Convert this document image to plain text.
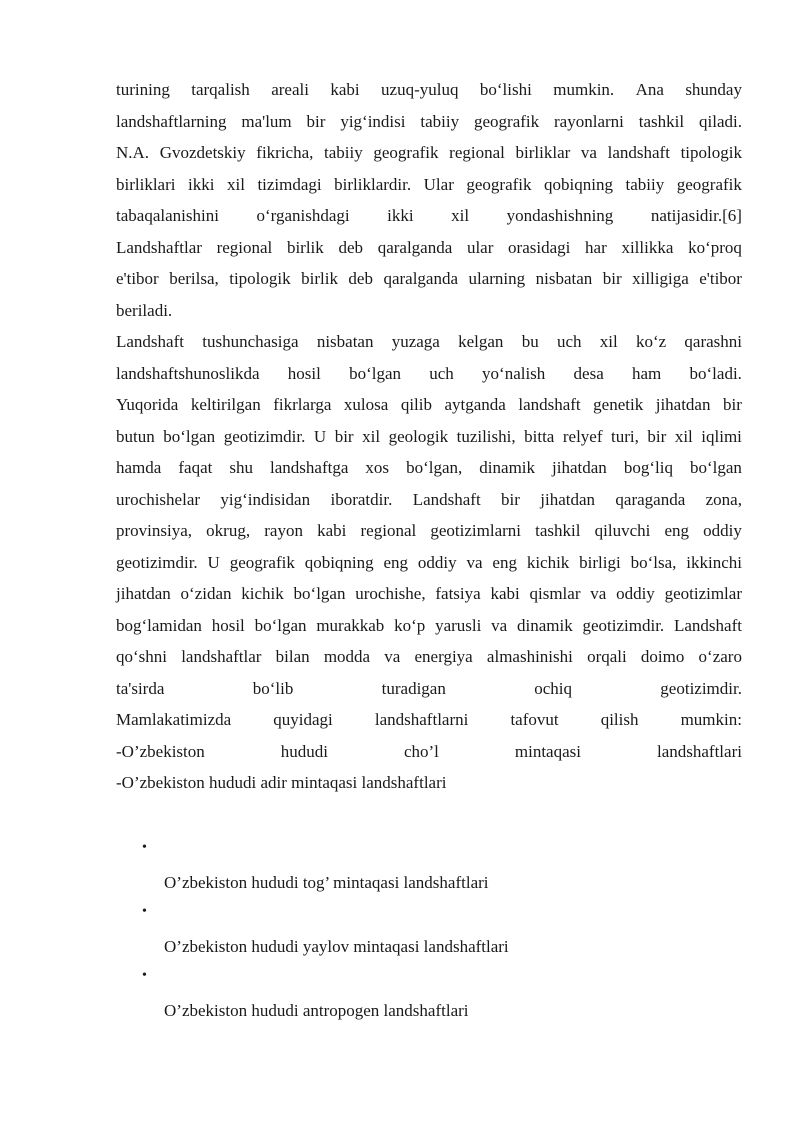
turining tarqalish areali kabi uzuq-yuluq bo‘lishi mumkin. Ana shunday
landshaftlarning ma'lum bir yig‘indisi tabiiy geografik rayonlarni tashkil qiladi.
N.A. Gvozdetskiy fikricha, tabiiy geografik regional birliklar va landshaft tipologik
birliklari ikki xil tizimdagi birliklardir. Ular geografik qobiqning tabiiy geografik
tabaqalanishini o‘rganishdagi ikki xil yondashishning natijasidir.[6]
Landshaftlar regional birlik deb qaralganda ular orasidagi har xillikka ko‘proq
e'tibor berilsa, tipologik birlik deb qaralganda ularning nisbatan bir xilligiga e'tibor
beriladi.
Landshaft tushunchasiga nisbatan yuzaga kelgan bu uch xil ko‘z qarashni
landshaftshunoslikda hosil bo‘lgan uch yo‘nalish desa ham bo‘ladi.
Yuqorida keltirilgan fikrlarga xulosa qilib aytganda landshaft genetik jihatdan bir
butun bo‘lgan geotizimdir. U bir xil geologik tuzilishi, bitta relyef turi, bir xil iqlimi
hamda faqat shu landshaftga xos bo‘lgan, dinamik jihatdan bog‘liq bo‘lgan
urochishelar yig‘indisidan iboratdir. Landshaft bir jihatdan qaraganda zona,
provinsiya, okrug, rayon kabi regional geotizimlarni tashkil qiluvchi eng oddiy
geotizimdir. U geografik qobiqning eng oddiy va eng kichik birligi bo‘lsa, ikkinchi
jihatdan o‘zidan kichik bo‘lgan urochishe, fatsiya kabi qismlar va oddiy geotizimlar
bog‘lamidan hosil bo‘lgan murakkab ko‘p yarusli va dinamik geotizimdir. Landshaft
qo‘shni landshaftlar bilan modda va energiya almashinishi orqali doimo o‘zaro
ta'sirda	bo‘lib	turadigan	ochiq	geotizimdir.
Mamlakatimizda quyidagi landshaftlarni tafovut qilish mumkin:
-O’zbekiston	hududi	cho’l	mintaqasi	landshaftlari
-O’zbekiston hududi adir mintaqasi landshaftlari
•
O’zbekiston hududi tog’ mintaqasi landshaftlari
•
O’zbekiston hududi yaylov mintaqasi landshaftlari
•
O’zbekiston hududi antropogen landshaftlari
